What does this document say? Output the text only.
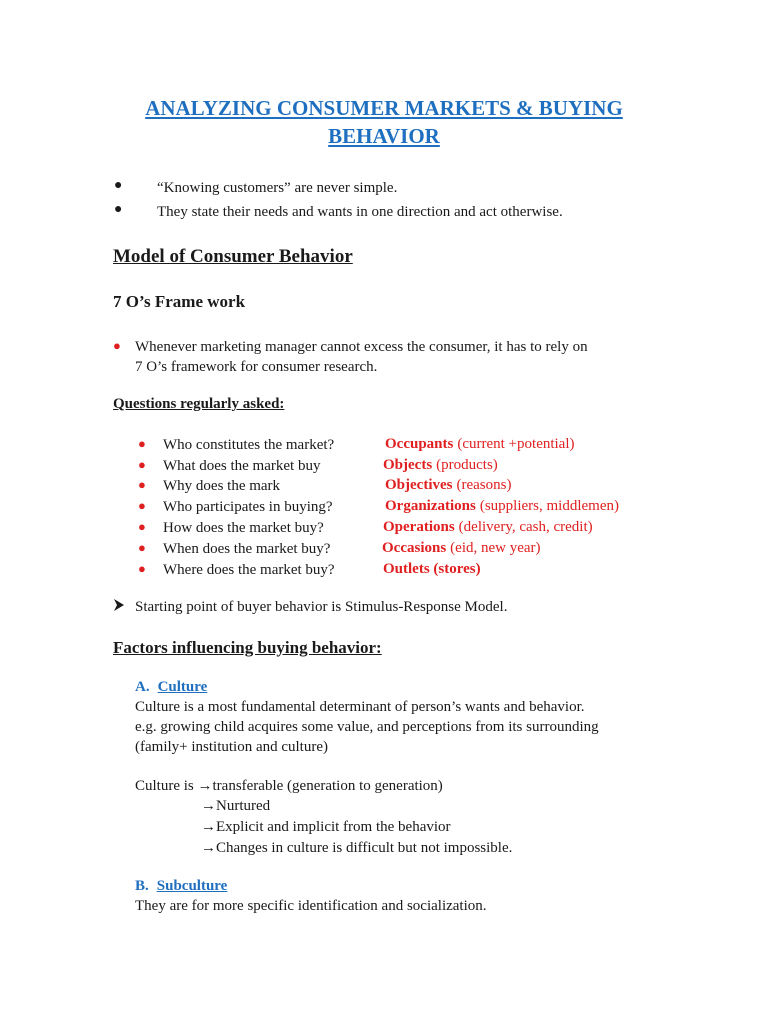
ANALYZING CONSUMER MARKETS & BUYING
BEHAVIOR
● “Knowing customers” are never simple.
● They state their needs and wants in one direction and act otherwise.
Model of Consumer Behavior
7 O’s Frame work
● Whenever marketing manager cannot excess the consumer, it has to rely on
7 O’s framework for consumer research.
Questions regularly asked:
● Who constitutes the market?	Occupants (current +potential)
● What does the market buy	Objects (products)
● Why does the mark	Objectives (reasons)
● Who participates in buying?	Organizations (suppliers, middlemen)
● How does the market buy?	Operations (delivery, cash, credit)
● When does the market buy?	Occasions (eid, new year)
● Where does the market buy?	Outlets (stores)
Starting point of buyer behavior is Stimulus-Response Model.
Factors influencing buying behavior:
A. Culture
Culture is a most fundamental determinant of person’s wants and behavior.
e.g. growing child acquires some value, and perceptions from its surrounding
(family+ institution and culture)
Culture is →transferable (generation to generation)
→Nurtured
→Explicit and implicit from the behavior
→Changes in culture is difficult but not impossible.
B. Subculture
They are for more specific identification and socialization.
